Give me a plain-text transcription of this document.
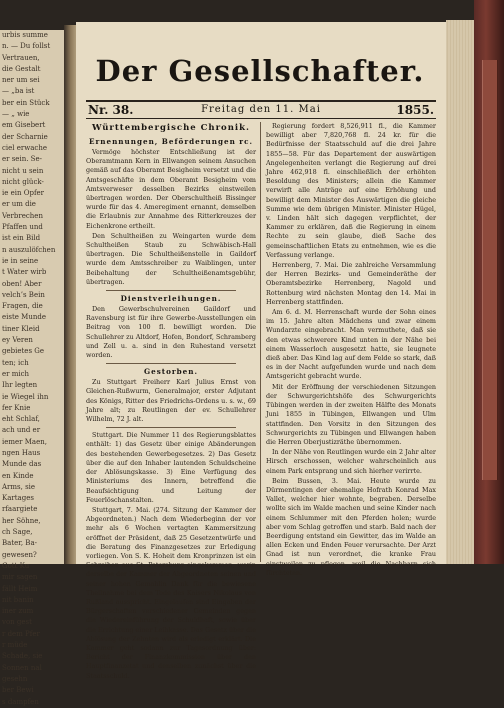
urbis summe

n. — Du follst

Vertrauen,

die Gestalt

ner um sei

— „ba ist

ber ein Stück

— „ wie

em Gisebert

der Scharnie

ciel erwache

er sein. Se-

nicht u sein

nicht glück-

ie ein Opfer

er um die

Verbrechen

Pfaffen und

ist ein Bild

n auszulöfchen

ie in seine

t Water wirb

oben! Aber

velch’s Bein

Fragen, die

eiste Munde

tiner Kleid

ey Veren

gebietes Ge

ten; ich

er mich

Ihr legten

ie Wiegel ihn

fer Knie

eht Schlaf,

ach und er

iemer Maen,

ngen Haus

Munde das

en Kinde

Arms, sie

Kartages

rfaargiete

her Söhne,

ch Sage,

Bater, Ba-

gewesen?

Gott Ku

mir sagen

fällt Heim

nit banin

iner zum

von gest

r dem Pfer

r müde

Schade, sie

Sonnen nal

gesehn

ber Bewi

s dampfen

Der Gesellschafter.
Nr. 38.	Freitag den 11. Mai	1855.
Württembergische Chronik.
Ernennungen, Beförderungen rc.

Vermöge höchster Entschließung ist der Oberamtmann Kern in Ellwangen seinem Ansuchen gemäß auf das Oberamt Besigheim versetzt und die Amtsgeschäfte in dem Oberamt Besigheim vom Amtsverweser desselben Bezirks einstweilen übertragen worden. Der Oberschultheiß Bissinger wurde für das 4. Ameregiment ernannt, demselben die Erlaubnis zur Annahme des Ritterkreuzes der Eichenkrone ertheilt.

Den Schultheißen zu Weingarten wurde dem Schultheißen Staub zu Schwäbisch-Hall übertragen. Die Schultheißenstelle in Gaildorf wurde dem Amtsschreiber zu Waiblingen, unter Beibehaltung der Schultheißenamtsgebühr, übertragen.

Dienstverleihungen.

Den Gewerbschulvereinen Gaildorf und Ravensburg ist für ihre Gewerbe-Ausstellungen ein Beitrag von 100 fl. bewilligt worden. Die Schullehrer zu Altdorf, Hofen, Bondorf, Schramberg und Zell u. a. sind in den Ruhestand versetzt worden.

Gestorben.

Zu Stuttgart Freiherr Karl Julius Ernst von Gleichen-Rußwurm, Generalmajor, erster Adjutant des Königs, Ritter des Friedrichs-Ordens u. s. w., 69 Jahre alt; zu Reutlingen der ev. Schullehrer Wilhelm, 72 J. alt.

Stuttgart. Die Nummer 11 des Regierungsblattes enthält: 1) das Gesetz über einige Abänderungen des bestehenden Gewerbegesetzes. 2) Das Gesetz über die auf den Inhaber lautenden Schuldscheine der Ablösungskasse. 3) Eine Verfügung des Ministeriums des Innern, betreffend die Beaufsichtigung und Leitung der Feuerlöschanstalten.

Stuttgart, 7. Mai. (274. Sitzung der Kammer der Abgeordneten.) Nach dem Wiederbeginn der vor mehr als 6 Wochen vertagten Kammersitzung eröffnet der Präsident, daß 25 Gesetzentwürfe und die Beratung des Finanzgesetzes zur Erledigung vorliegen. Von S. K. Hoheit dem Kronprinzen ist ein Schreiben aus St. Petersburg eingekommen, worin derselbe der Kammer der Abgeordneten seinen und seiner hohen Gemahlin Dank für die bewiesene Theilnahme bei dem Tode des Kaisers Nikolaus von Rußland ausspricht. Eingelaufen sind Eingaben der Bürgerschaften verschiedener Gemeinden gegen die Wiedereinführung der Schuldhaft, sowie über die Errichtung einer Leihkasse. Das Gesetz über die Ablösung der Zehnten wird als erledigt erklärt. Die Kammer geht sodann zur Tagesordnung über: Bericht der Finanzkommission über den Hauptfinanzetat und denselben zunächst über die Staatsschuld.

Regierung fordert 8,526,911 fl., die Kammer bewilligt aber 7,820,768 fl. 24 kr. für die Bedürfnisse der Staatsschuld auf die drei Jahre 1855—58. Für das Departement der auswärtigen Angelegenheiten verlangt die Regierung auf drei Jahre 462,918 fl. einschließlich der erhöhten Besoldung des Ministers; allein die Kammer verwirft alle Anträge auf eine Erhöhung und bewilligt dem Minister des Auswärtigen die gleiche Summe wie dem übrigen Minister. Minister Hügel, v. Linden hält sich dagegen verpflichtet, der Kammer zu erklären, daß die Regierung in einem Rechte zu sein glaube, dieß Sache des gemeinschaftlichen Etats zu entnehmen, wie es die Verfassung verlange.

Herrenberg, 7. Mai. Die zahlreiche Versammlung der Herren Bezirks- und Gemeinderäthe der Oberamtsbezirke Herrenberg, Nagold und Rottenburg wird nächsten Montag den 14. Mai in Herrenberg stattfinden.

Am 6. d. M. Herrenschaft wurde der Sohn eines im 15. Jahre alten Mädchens und zwar einem Wundarzte eingebracht. Man vermuthete, daß sie den etwas schwerere Kind unten in der Nähe bei einem Wasserloch ausgesetzt hatte, sie leugnete dieß aber. Das Kind lag auf dem Felde so stark, daß es in der Nacht aufgefunden wurde und nach dem Amtsgericht gebracht wurde.

Mit der Eröffnung der verschiedenen Sitzungen der Schwurgerichtshöfe des Schwurgerichts Tübingen werden in der zweiten Hälfte des Monats Juni 1855 in Tübingen, Ellwangen und Ulm stattfinden. Den Vorsitz in den Sitzungen des Schwurgerichts zu Tübingen und Ellwangen haben die Herren Oberjustizräthe übernommen.

In der Nähe von Reutlingen wurde ein 2 Jahr alter Hirsch erschossen, welcher wahrscheinlich aus einem Park entsprang und sich hierher verirrte.

Beim Bussen, 3. Mai. Heute wurde zu Dürmentingen der ehemalige Hofrath Konrad Max Vallet, welcher hier wohnte, begraben. Derselbe wollte sich im Walde machen und seine Kinder nach einem Schlummer mit den Pferden holen; wurde aber vom Schlag getroffen und starb. Bald nach der Beerdigung entstand ein Gewitter, das im Walde an allen Ecken und Enden Feuer verursachte. Der Arzt Gnad ist nun verordnet, die kranke Frau einstweilen zu pflegen, weil die Nachbarn sich fürchteten.
